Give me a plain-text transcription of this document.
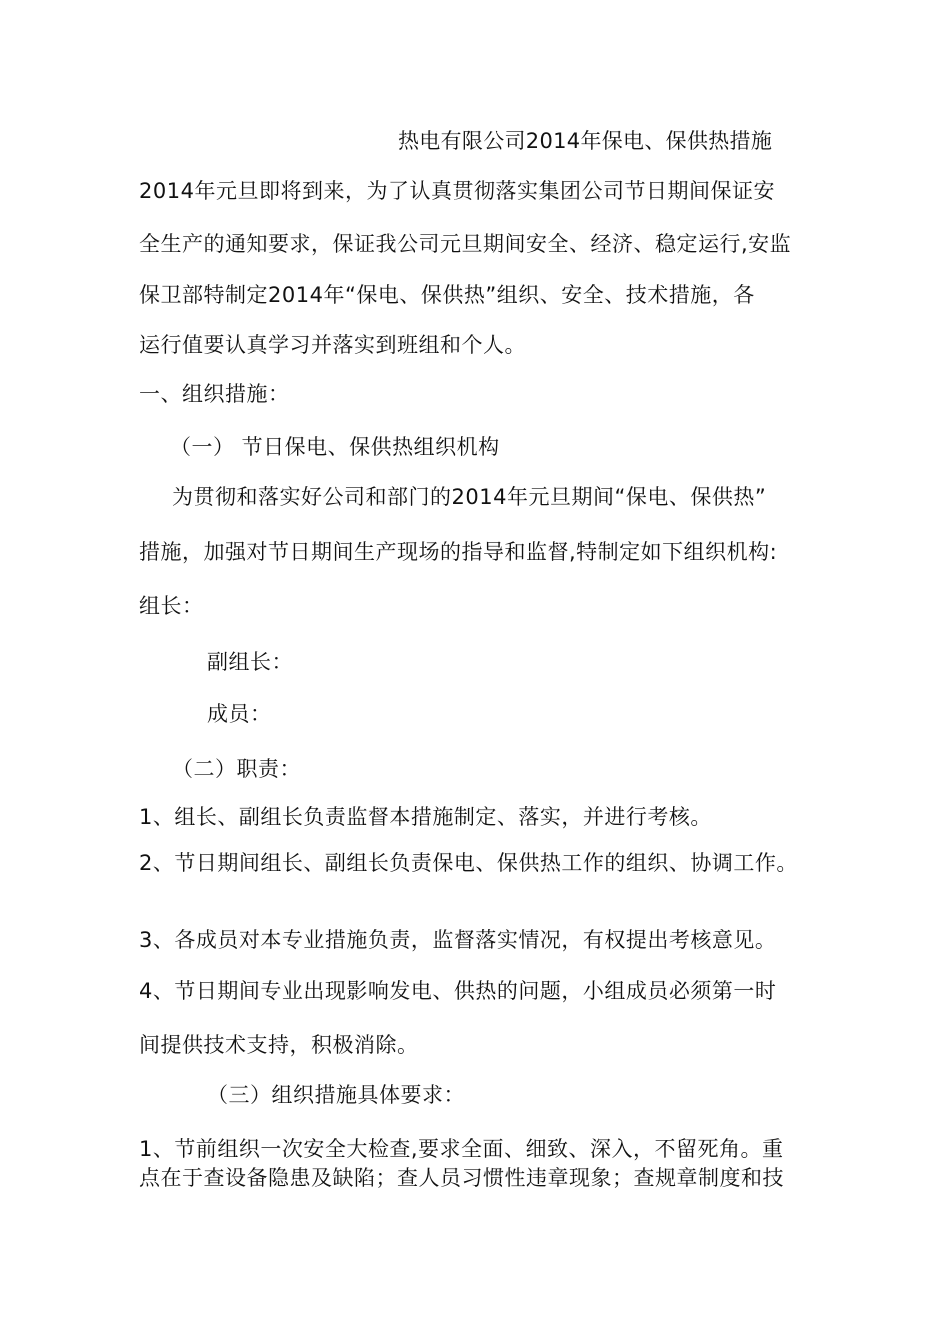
热电有限公司2014年保电、保供热措施
2014年元旦即将到来，为了认真贯彻落实集团公司节日期间保证安
全生产的通知要求，保证我公司元旦期间安全、经济、稳定运行,安监
保卫部特制定2014年“保电、保供热”组织、安全、技术措施，各
运行值要认真学习并落实到班组和个人。
一、组织措施：
（一） 节日保电、保供热组织机构
为贯彻和落实好公司和部门的2014年元旦期间“保电、保供热”
措施，加强对节日期间生产现场的指导和监督,特制定如下组织机构:
组长：
副组长：
成员：
（二）职责：
1、组长、副组长负责监督本措施制定、落实，并进行考核。
2、节日期间组长、副组长负责保电、保供热工作的组织、协调工作。
3、各成员对本专业措施负责，监督落实情况，有权提出考核意见。
4、节日期间专业出现影响发电、供热的问题，小组成员必须第一时
间提供技术支持，积极消除。
（三）组织措施具体要求：
1、节前组织一次安全大检查,要求全面、细致、深入，不留死角。重
点在于查设备隐患及缺陷；查人员习惯性违章现象；查规章制度和技
